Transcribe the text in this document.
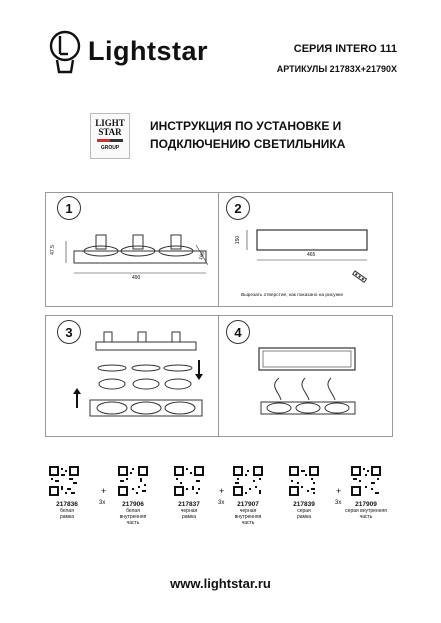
Lightstar	СЕРИЯ INTERO 111
АРТИКУЛЫ 21783X+21790X
LIGHT
STAR
GROUP
ИНСТРУКЦИЯ ПО УСТАНОВКЕ И
ПОДКЛЮЧЕНИЮ СВЕТИЛЬНИКА
47.5
490
180
1
150
465
Вырезать отверстие, как показано на рисунке
2
3	4
217836
белая
рамка
+
3x	217906
белая внутренняя
часть
217837
черная
рамка
+
3x	217907
черная внутренняя
часть
217839
серая
рамка
+
3x	217909
серая внутренняя
часть
www.lightstar.ru
